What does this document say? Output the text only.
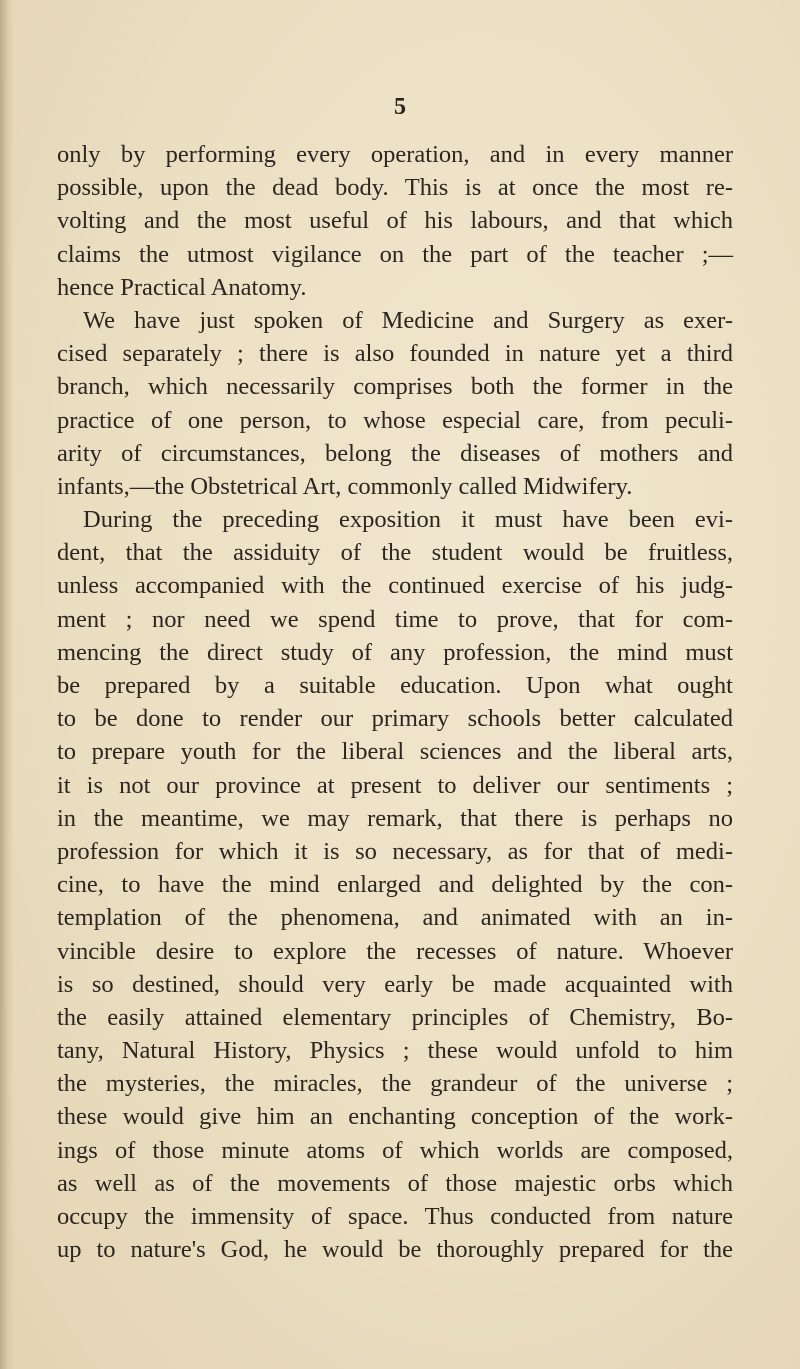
5
only by performing every operation, and in every manner
possible, upon the dead body. This is at once the most re-
volting and the most useful of his labours, and that which
claims the utmost vigilance on the part of the teacher ;—
hence Practical Anatomy.
We have just spoken of Medicine and Surgery as exer-
cised separately ; there is also founded in nature yet a third
branch, which necessarily comprises both the former in the
practice of one person, to whose especial care, from peculi-
arity of circumstances, belong the diseases of mothers and
infants,—the Obstetrical Art, commonly called Midwifery.
During the preceding exposition it must have been evi-
dent, that the assiduity of the student would be fruitless,
unless accompanied with the continued exercise of his judg-
ment ; nor need we spend time to prove, that for com-
mencing the direct study of any profession, the mind must
be prepared by a suitable education. Upon what ought
to be done to render our primary schools better calculated
to prepare youth for the liberal sciences and the liberal arts,
it is not our province at present to deliver our sentiments ;
in the meantime, we may remark, that there is perhaps no
profession for which it is so necessary, as for that of medi-
cine, to have the mind enlarged and delighted by the con-
templation of the phenomena, and animated with an in-
vincible desire to explore the recesses of nature. Whoever
is so destined, should very early be made acquainted with
the easily attained elementary principles of Chemistry, Bo-
tany, Natural History, Physics ; these would unfold to him
the mysteries, the miracles, the grandeur of the universe ;
these would give him an enchanting conception of the work-
ings of those minute atoms of which worlds are composed,
as well as of the movements of those majestic orbs which
occupy the immensity of space. Thus conducted from nature
up to nature's God, he would be thoroughly prepared for the
